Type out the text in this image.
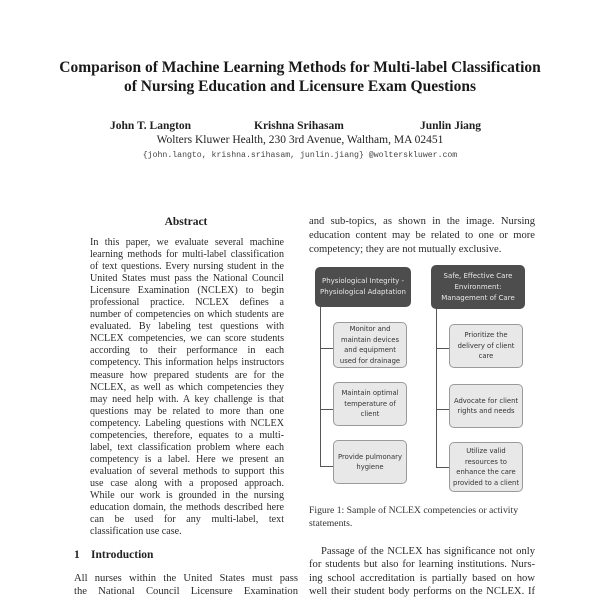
Comparison of Machine Learning Methods for Multi-label Classification
of Nursing Education and Licensure Exam Questions
John T. Langton	Krishna Srihasam	Junlin Jiang
Wolters Kluwer Health, 230 3rd Avenue, Waltham, MA 02451
{john.langto, krishna.srihasam, junlin.jiang} @wolterskluwer.com
Abstract
In this paper, we evaluate several machine learning methods for multi-label classification of text questions. Every nursing student in the United States must pass the National Council Licensure Examination (NCLEX) to begin professional practice. NCLEX defines a number of competencies on which students are evaluated. By labeling test questions with NCLEX competencies, we can score students according to their performance in each competency. This information helps instructors measure how prepared students are for the NCLEX, as well as which competencies they may need help with. A key challenge is that questions may be related to more than one competency. Labeling questions with NCLEX competencies, therefore, equates to a multi-label, text classification problem where each competency is a label. Here we present an evaluation of several methods to support this use case along with a proposed approach. While our work is grounded in the nursing education domain, the methods described here can be used for any multi-label, text classification use case.
1 Introduction
All nurses within the United States must pass
the National Council Licensure Examination
and sub-topics, as shown in the image. Nursing
education content may be related to one or more
competency; they are not mutually exclusive.
Physiological Integrity - Physiological Adaptation
Monitor and maintain devices and equipment used for drainage
Maintain optimal temperature of client
Provide pulmonary hygiene
Safe, Effective Care Environment: Management of Care
Prioritize the delivery of client care
Advocate for client rights and needs
Utilize valid resources to enhance the care provided to a client
Figure 1: Sample of NCLEX competencies or activity statements.
Passage of the NCLEX has significance not only
for students but also for learning institutions. Nurs-
ing school accreditation is partially based on how
well their student body performs on the NCLEX. If
